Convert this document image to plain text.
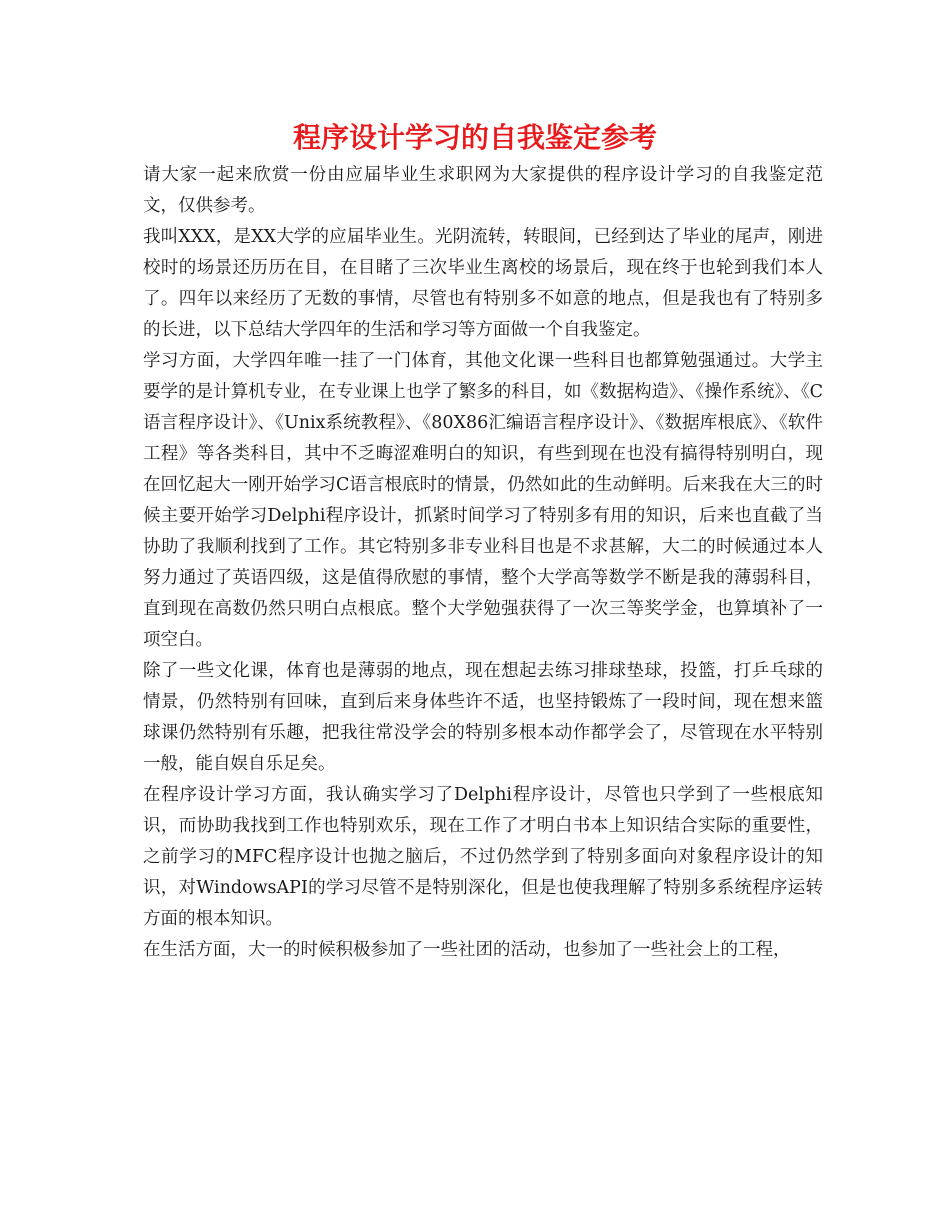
程序设计学习的自我鉴定参考

请大家一起来欣赏一份由应届毕业生求职网为大家提供的程序设计学习的自我鉴定范文，仅供参考。

我叫XXX，是XX大学的应届毕业生。光阴流转，转眼间，已经到达了毕业的尾声，刚进校时的场景还历历在目，在目睹了三次毕业生离校的场景后，现在终于也轮到我们本人了。四年以来经历了无数的事情，尽管也有特别多不如意的地点，但是我也有了特别多的长进，以下总结大学四年的生活和学习等方面做一个自我鉴定。

学习方面，大学四年唯一挂了一门体育，其他文化课一些科目也都算勉强通过。大学主要学的是计算机专业，在专业课上也学了繁多的科目，如《数据构造》、《操作系统》、《C语言程序设计》、《Unix系统教程》、《80X86汇编语言程序设计》、《数据库根底》、《软件工程》等各类科目，其中不乏晦涩难明白的知识，有些到现在也没有搞得特别明白，现在回忆起大一刚开始学习C语言根底时的情景，仍然如此的生动鲜明。后来我在大三的时候主要开始学习Delphi程序设计，抓紧时间学习了特别多有用的知识，后来也直截了当协助了我顺利找到了工作。其它特别多非专业科目也是不求甚解，大二的时候通过本人努力通过了英语四级，这是值得欣慰的事情，整个大学高等数学不断是我的薄弱科目，直到现在高数仍然只明白点根底。整个大学勉强获得了一次三等奖学金，也算填补了一项空白。

除了一些文化课，体育也是薄弱的地点，现在想起去练习排球垫球，投篮，打乒乓球的情景，仍然特别有回味，直到后来身体些许不适，也坚持锻炼了一段时间，现在想来篮球课仍然特别有乐趣，把我往常没学会的特别多根本动作都学会了，尽管现在水平特别一般，能自娱自乐足矣。

在程序设计学习方面，我认确实学习了Delphi程序设计，尽管也只学到了一些根底知识，而协助我找到工作也特别欢乐，现在工作了才明白书本上知识结合实际的重要性，之前学习的MFC程序设计也抛之脑后，不过仍然学到了特别多面向对象程序设计的知识，对WindowsAPI的学习尽管不是特别深化，但是也使我理解了特别多系统程序运转方面的根本知识。

在生活方面，大一的时候积极参加了一些社团的活动，也参加了一些社会上的工程，
